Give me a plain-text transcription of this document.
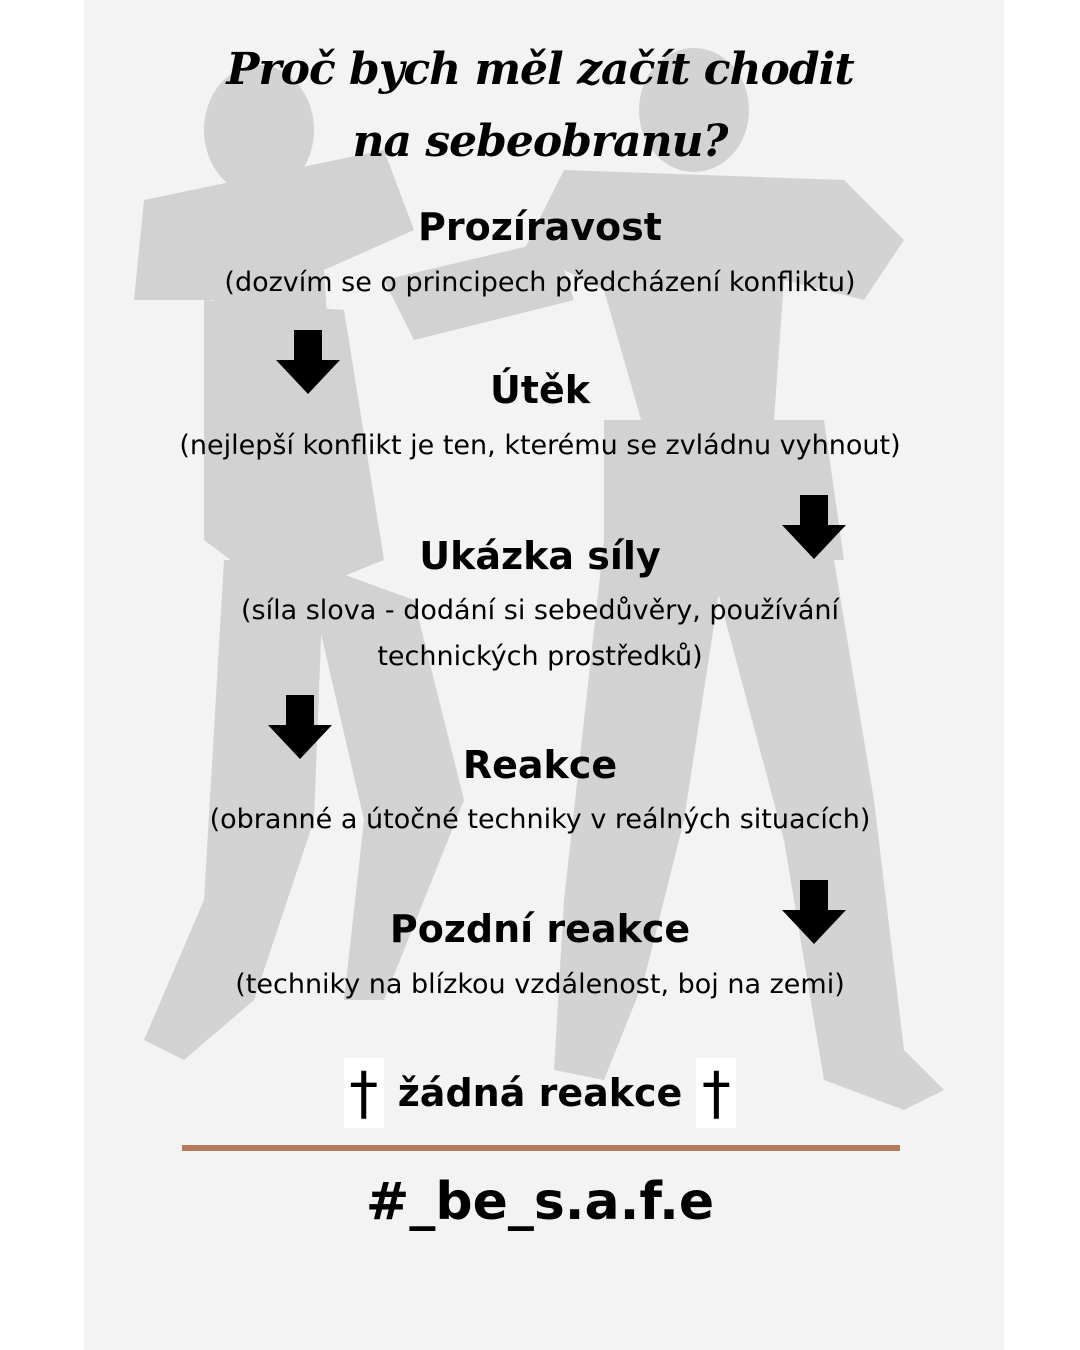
Proč bych měl začít chodit
na sebeobranu?
Prozíravost
(dozvím se o principech předcházení konfliktu)
Útěk
(nejlepší konflikt je ten, kterému se zvládnu vyhnout)
Ukázka síly
(síla slova - dodání si sebedůvěry, používání
technických prostředků)
Reakce
(obranné a útočné techniky v reálných situacích)
Pozdní reakce
(techniky na blízkou vzdálenost, boj na zemi)
† žádná reakce †
#_be_s.a.f.e
